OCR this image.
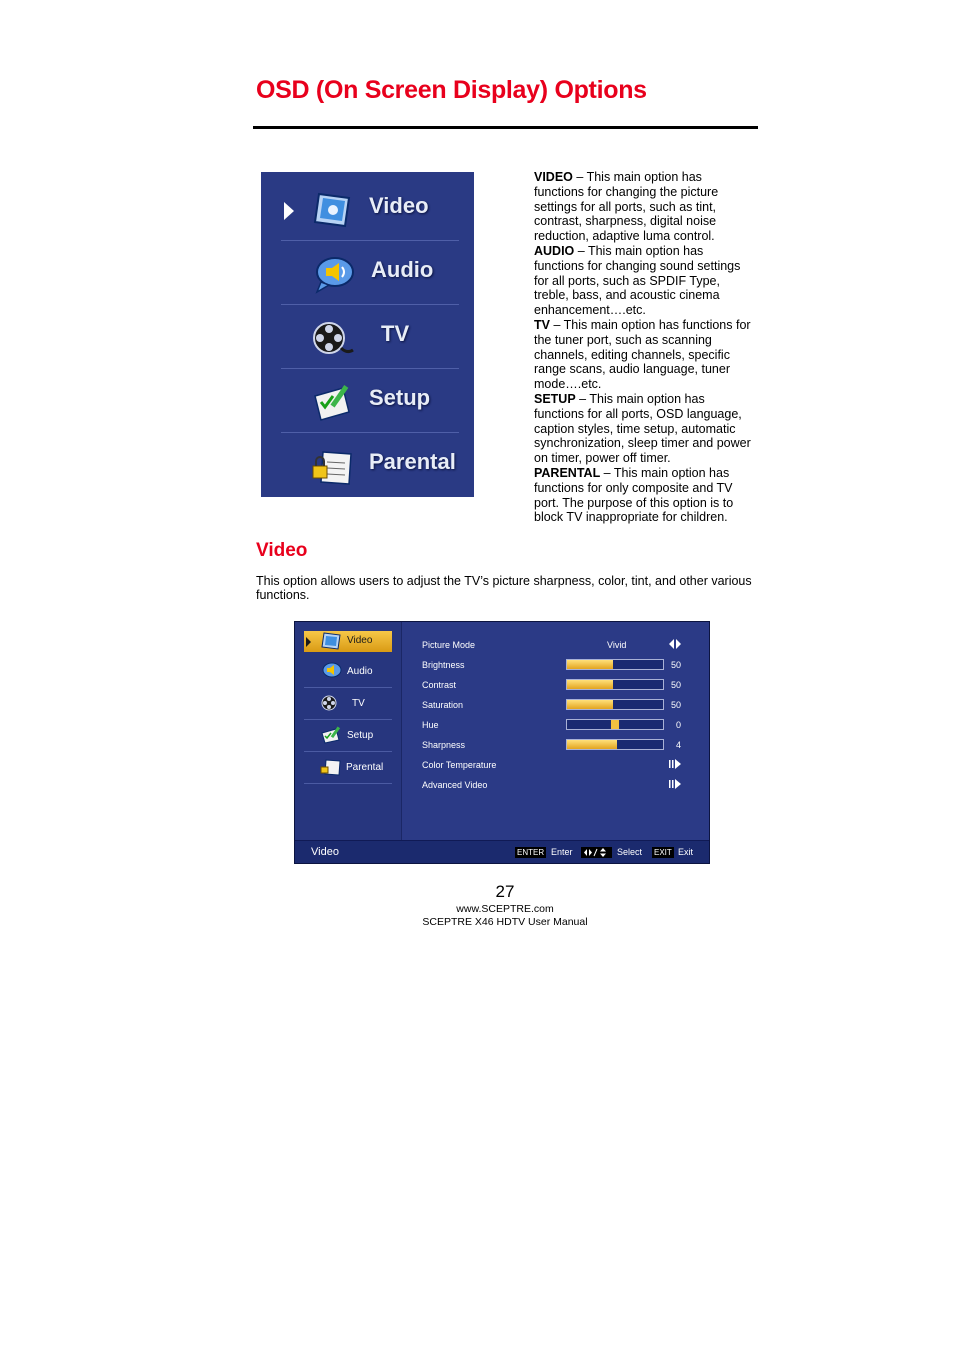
OSD (On Screen Display) Options
Video
Audio
TV
Setup
Parental

VIDEO – This main option has functions for changing the picture settings for all ports, such as tint, contrast, sharpness, digital noise reduction, adaptive luma control.

AUDIO – This main option has functions for changing sound settings for all ports, such as SPDIF Type, treble, bass, and acoustic cinema enhancement….etc.

TV – This main option has functions for the tuner port, such as scanning channels, editing channels, specific range scans, audio language, tuner mode….etc.

SETUP – This main option has functions for all ports, OSD language, caption styles, time setup, automatic synchronization, sleep timer and power on timer, power off timer.

PARENTAL – This main option has functions for only composite and TV port. The purpose of this option is to block TV inappropriate for children.

Video
This option allows users to adjust the TV’s picture sharpness, color, tint, and other various functions.
Video
Audio
TV
Setup
Parental
Picture Mode	Vivid
Brightness	50
Contrast	50
Saturation	50
Hue	0
Sharpness	4
Color Temperature
Advanced Video
Video	ENTER Enter	Select EXIT Exit
27
www.SCEPTRE.com
SCEPTRE X46 HDTV User Manual
